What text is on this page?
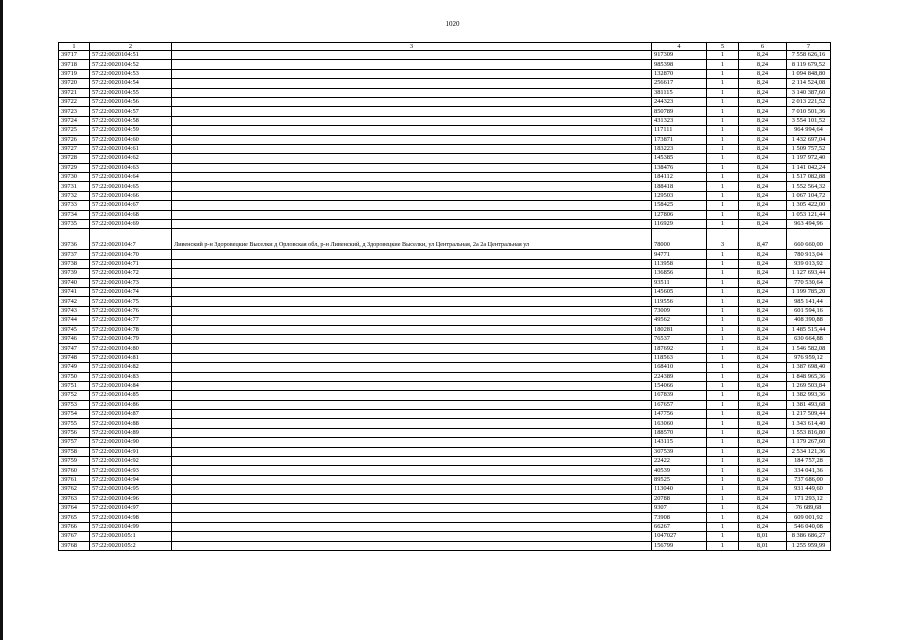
1020
1	2	3	4	5	6	7
39717	57:22:0020104:51		917309	1	8,24	7 558 626,16
39718	57:22:0020104:52		985398	1	8,24	8 119 679,52
39719	57:22:0020104:53		132870	1	8,24	1 094 848,80
39720	57:22:0020104:54		256617	1	8,24	2 114 524,08
39721	57:22:0020104:55		381115	1	8,24	3 140 387,60
39722	57:22:0020104:56		244323	1	8,24	2 013 221,52
39723	57:22:0020104:57		850789	1	8,24	7 010 501,36
39724	57:22:0020104:58		431323	1	8,24	3 554 101,52
39725	57:22:0020104:59		117111	1	8,24	964 994,64
39726	57:22:0020104:60		173871	1	8,24	1 432 697,04
39727	57:22:0020104:61		183223	1	8,24	1 509 757,52
39728	57:22:0020104:62		145385	1	8,24	1 197 972,40
39729	57:22:0020104:63		138476	1	8,24	1 141 042,24
39730	57:22:0020104:64		184112	1	8,24	1 517 082,88
39731	57:22:0020104:65		188418	1	8,24	1 552 564,32
39732	57:22:0020104:66		129503	1	8,24	1 067 104,72
39733	57:22:0020104:67		158425	1	8,24	1 305 422,00
39734	57:22:0020104:68		127806	1	8,24	1 053 121,44
39735	57:22:0020104:69		116929	1	8,24	963 494,96
39736	57:22:0020104:7	Ливенский р-н Здоровецкие Выселки д Орловская обл, р-н Ливенский, д Здоровецкие Выселки, ул Центральная, 2а 2а Центральная ул	78000	3	8,47	660 660,00
39737	57:22:0020104:70		94771	1	8,24	780 913,04
39738	57:22:0020104:71		113958	1	8,24	939 013,92
39739	57:22:0020104:72		136856	1	8,24	1 127 693,44
39740	57:22:0020104:73		93511	1	8,24	770 530,64
39741	57:22:0020104:74		145605	1	8,24	1 199 785,20
39742	57:22:0020104:75		119556	1	8,24	985 141,44
39743	57:22:0020104:76		73009	1	8,24	601 594,16
39744	57:22:0020104:77		49562	1	8,24	408 390,88
39745	57:22:0020104:78		180281	1	8,24	1 485 515,44
39746	57:22:0020104:79		76537	1	8,24	630 664,88
39747	57:22:0020104:80		187692	1	8,24	1 546 582,08
39748	57:22:0020104:81		118563	1	8,24	976 959,12
39749	57:22:0020104:82		168410	1	8,24	1 387 698,40
39750	57:22:0020104:83		224389	1	8,24	1 848 965,36
39751	57:22:0020104:84		154066	1	8,24	1 269 503,84
39752	57:22:0020104:85		167839	1	8,24	1 382 993,36
39753	57:22:0020104:86		167657	1	8,24	1 381 493,68
39754	57:22:0020104:87		147756	1	8,24	1 217 509,44
39755	57:22:0020104:88		163060	1	8,24	1 343 614,40
39756	57:22:0020104:89		188570	1	8,24	1 553 816,80
39757	57:22:0020104:90		143115	1	8,24	1 179 267,60
39758	57:22:0020104:91		307539	1	8,24	2 534 121,36
39759	57:22:0020104:92		22422	1	8,24	184 757,28
39760	57:22:0020104:93		40539	1	8,24	334 041,36
39761	57:22:0020104:94		89525	1	8,24	737 686,00
39762	57:22:0020104:95		113040	1	8,24	931 449,60
39763	57:22:0020104:96		20788	1	8,24	171 293,12
39764	57:22:0020104:97		9307	1	8,24	76 689,68
39765	57:22:0020104:98		73908	1	8,24	609 001,92
39766	57:22:0020104:99		66267	1	8,24	546 040,08
39767	57:22:0020105:1		1047027	1	8,01	8 386 686,27
39768	57:22:0020105:2		156799	1	8,01	1 255 959,99
